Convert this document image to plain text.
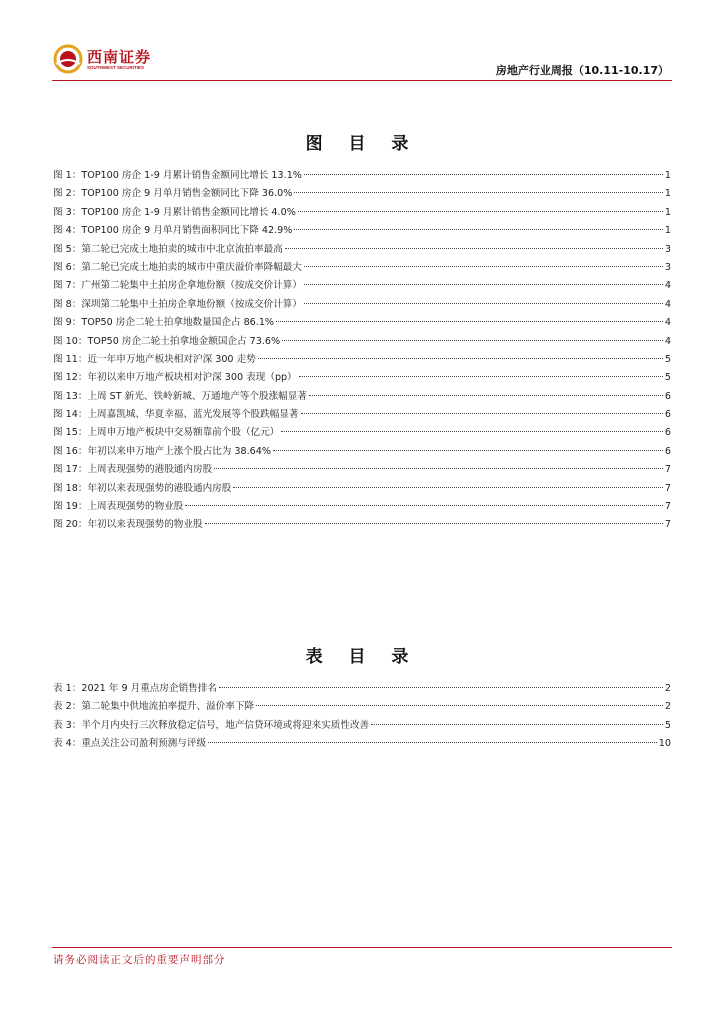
西南证券
SOUTHWEST SECURITIES	房地产行业周报（10.11-10.17）
图 目 录
图 1：TOP100 房企 1-9 月累计销售金额同比增长 13.1%	1
图 2：TOP100 房企 9 月单月销售金额同比下降 36.0%	1
图 3：TOP100 房企 1-9 月累计销售金额同比增长 4.0%	1
图 4：TOP100 房企 9 月单月销售面积同比下降 42.9%	1
图 5：第二轮已完成土地拍卖的城市中北京流拍率最高	3
图 6：第二轮已完成土地拍卖的城市中重庆溢价率降幅最大	3
图 7：广州第二轮集中土拍房企拿地份额（按成交价计算）	4
图 8：深圳第二轮集中土拍房企拿地份额（按成交价计算）	4
图 9：TOP50 房企二轮土拍拿地数量国企占 86.1%	4
图 10：TOP50 房企二轮土拍拿地金额国企占 73.6%	4
图 11：近一年申万地产板块相对沪深 300 走势	5
图 12：年初以来申万地产板块相对沪深 300 表现（pp）	5
图 13：上周 ST 新光、铁岭新城、万通地产等个股涨幅显著	6
图 14：上周嘉凯城、华夏幸福、蓝光发展等个股跌幅显著	6
图 15：上周申万地产板块中交易额靠前个股（亿元）	6
图 16：年初以来申万地产上涨个股占比为 38.64%	6
图 17：上周表现强势的港股通内房股	7
图 18：年初以来表现强势的港股通内房股	7
图 19：上周表现强势的物业股	7
图 20：年初以来表现强势的物业股	7
表 目 录
表 1：2021 年 9 月重点房企销售排名	2
表 2：第二轮集中供地流拍率提升、溢价率下降	2
表 3：半个月内央行三次释放稳定信号，地产信贷环境或将迎来实质性改善	5
表 4：重点关注公司盈利预测与评级	10
请务必阅读正文后的重要声明部分
